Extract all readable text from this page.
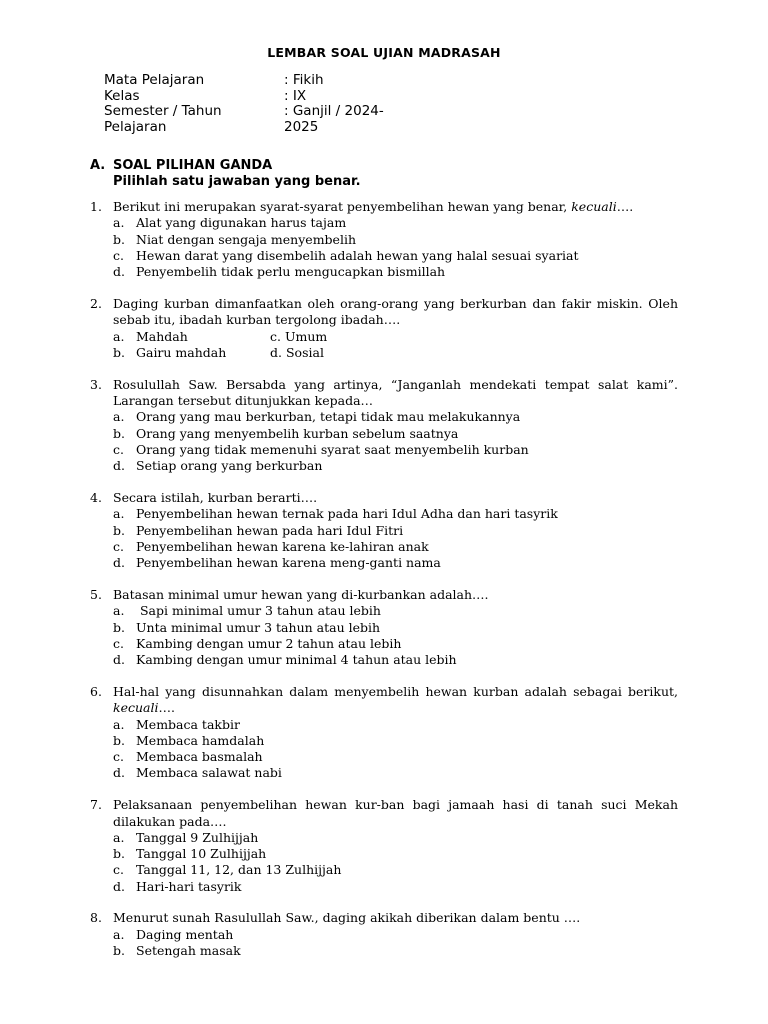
LEMBAR SOAL UJIAN MADRASAH
Mata Pelajaran	: Fikih
Kelas	: IX
Semester / Tahun	: Ganjil / 2024-
Pelajaran	2025
A. SOAL PILIHAN GANDA
Pilihlah satu jawaban yang benar.
1. Berikut ini merupakan syarat-syarat penyembelihan hewan yang benar, kecuali….
a. Alat yang digunakan harus tajam
b. Niat dengan sengaja menyembelih
c. Hewan darat yang disembelih adalah hewan yang halal sesuai syariat
d. Penyembelih tidak perlu mengucapkan bismillah
2. Daging kurban dimanfaatkan oleh orang-orang yang berkurban dan fakir miskin. Oleh sebab itu, ibadah kurban tergolong ibadah….
a. Mahdah	c. Umum
b. Gairu mahdah	d. Sosial
3. Rosulullah Saw. Bersabda yang artinya, “Janganlah mendekati tempat salat kami”. Larangan tersebut ditunjukkan kepada…
a. Orang yang mau berkurban, tetapi tidak mau melakukannya
b. Orang yang menyembelih kurban sebelum saatnya
c. Orang yang tidak memenuhi syarat saat menyembelih kurban
d. Setiap orang yang berkurban
4. Secara istilah, kurban berarti….
a. Penyembelihan hewan ternak pada hari Idul Adha dan hari tasyrik
b. Penyembelihan hewan pada hari Idul Fitri
c. Penyembelihan hewan karena ke-lahiran anak
d. Penyembelihan hewan karena meng-ganti nama
5. Batasan minimal umur hewan yang di-kurbankan adalah….
a. Sapi minimal umur 3 tahun atau lebih
b. Unta minimal umur 3 tahun atau lebih
c. Kambing dengan umur 2 tahun atau lebih
d. Kambing dengan umur minimal 4 tahun atau lebih
6. Hal-hal yang disunnahkan dalam menyembelih hewan kurban adalah sebagai berikut, kecuali….
a. Membaca takbir
b. Membaca hamdalah
c. Membaca basmalah
d. Membaca salawat nabi
7. Pelaksanaan penyembelihan hewan kur-ban bagi jamaah hasi di tanah suci Mekah dilakukan pada….
a. Tanggal 9 Zulhijjah
b. Tanggal 10 Zulhijjah
c. Tanggal 11, 12, dan 13 Zulhijjah
d. Hari-hari tasyrik
8. Menurut sunah Rasulullah Saw., daging akikah diberikan dalam bentu ….
a. Daging mentah
b. Setengah masak
